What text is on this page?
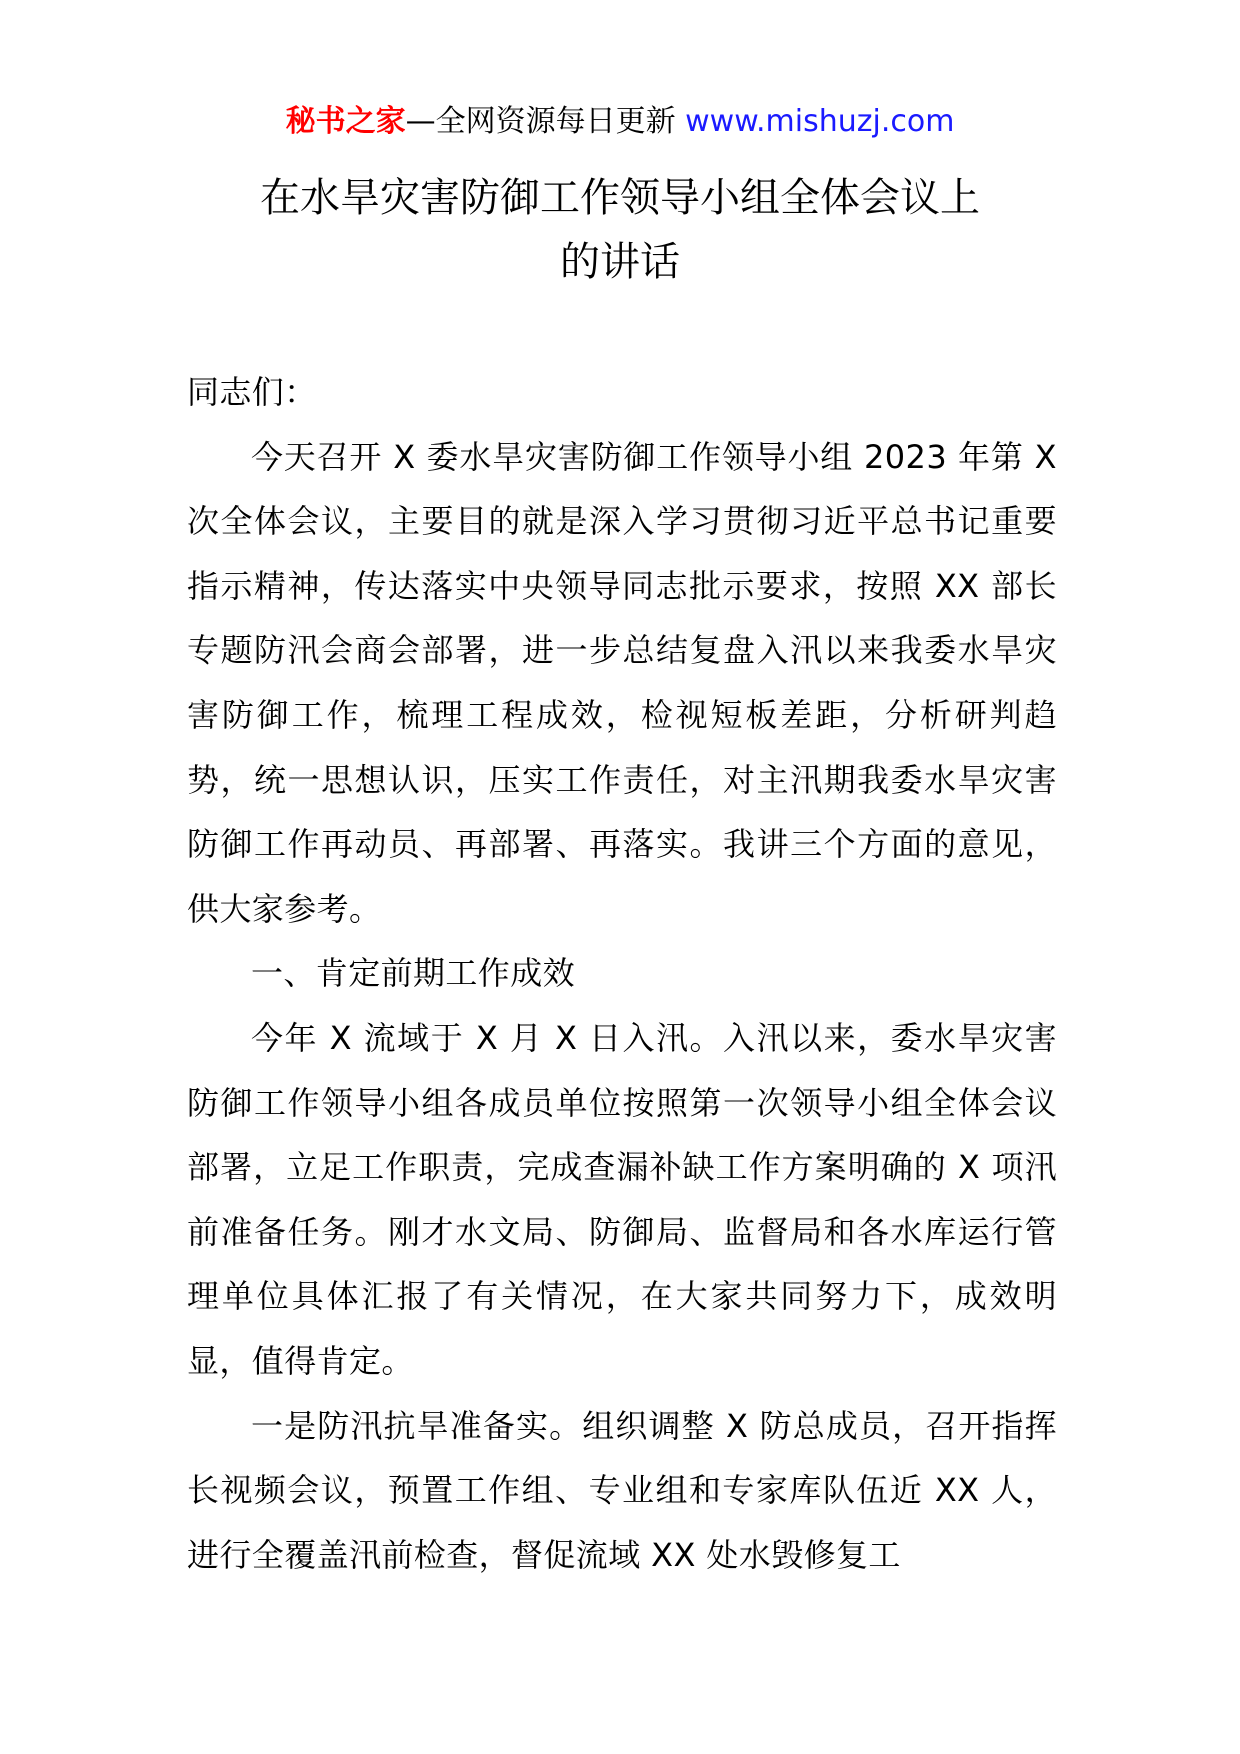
秘书之家—全网资源每日更新 www.mishuzj.com
在水旱灾害防御工作领导小组全体会议上
的讲话

同志们：

今天召开 X 委水旱灾害防御工作领导小组 2023 年第 X 次全体会议，主要目的就是深入学习贯彻习近平总书记重要指示精神，传达落实中央领导同志批示要求，按照 XX 部长专题防汛会商会部署，进一步总结复盘入汛以来我委水旱灾害防御工作，梳理工程成效，检视短板差距，分析研判趋势，统一思想认识，压实工作责任，对主汛期我委水旱灾害防御工作再动员、再部署、再落实。我讲三个方面的意见，供大家参考。

一、肯定前期工作成效

今年 X 流域于 X 月 X 日入汛。入汛以来，委水旱灾害防御工作领导小组各成员单位按照第一次领导小组全体会议部署，立足工作职责，完成查漏补缺工作方案明确的 X 项汛前准备任务。刚才水文局、防御局、监督局和各水库运行管理单位具体汇报了有关情况，在大家共同努力下，成效明显，值得肯定。

一是防汛抗旱准备实。组织调整 X 防总成员，召开指挥长视频会议，预置工作组、专业组和专家库队伍近 XX 人，进行全覆盖汛前检查，督促流域 XX 处水毁修复工
